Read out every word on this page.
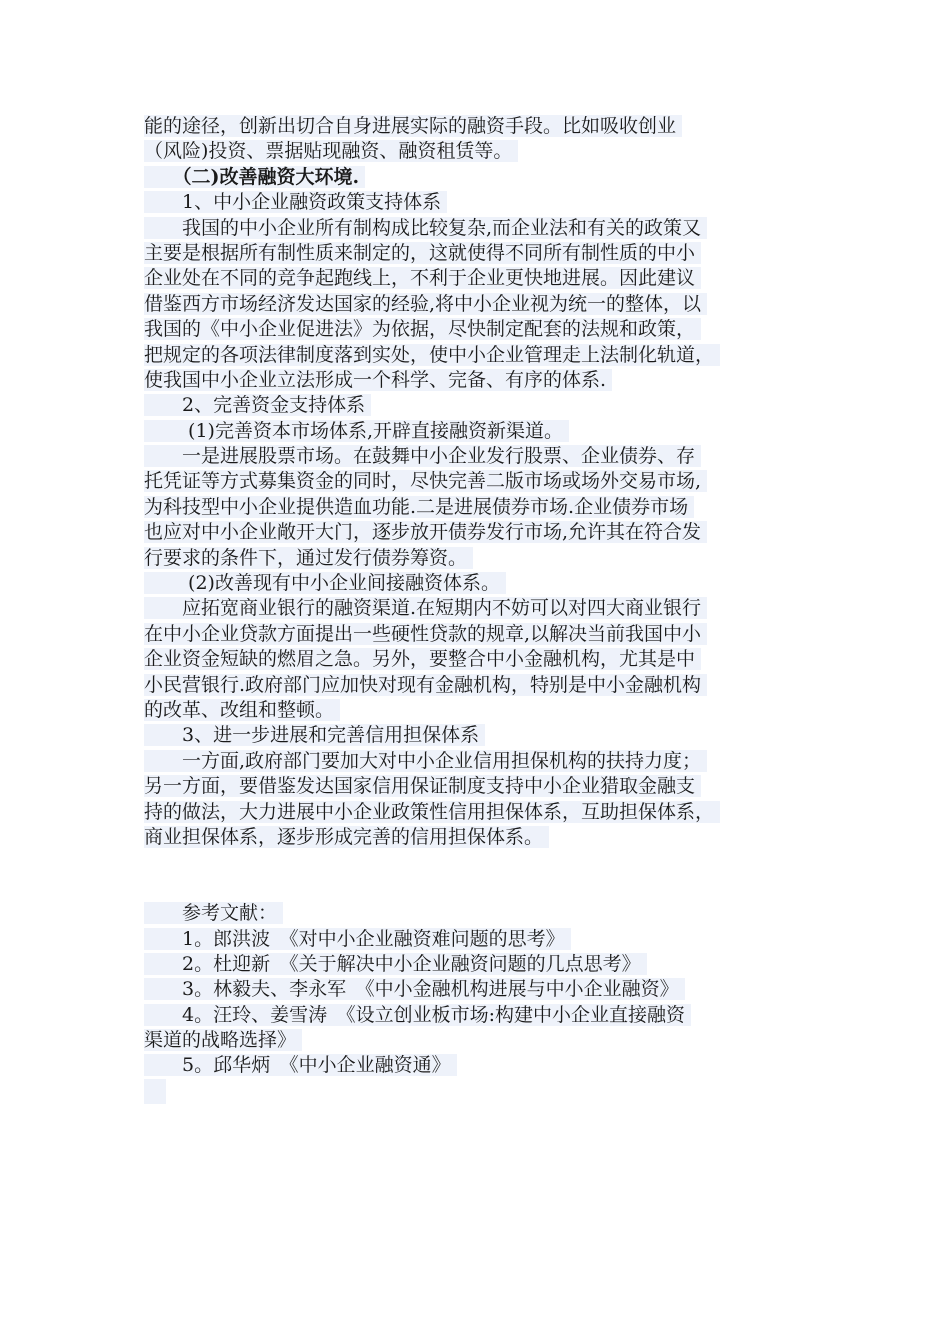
能的途径，创新出切合自身进展实际的融资手段。比如吸收创业
（风险)投资、票据贴现融资、融资租赁等。
　　（二)改善融资大环境.
　　1、中小企业融资政策支持体系
　　我国的中小企业所有制构成比较复杂,而企业法和有关的政策又
主要是根据所有制性质来制定的，这就使得不同所有制性质的中小
企业处在不同的竞争起跑线上，不利于企业更快地进展。因此建议
借鉴西方市场经济发达国家的经验,将中小企业视为统一的整体，以
我国的《中小企业促进法》为依据，尽快制定配套的法规和政策，
把规定的各项法律制度落到实处，使中小企业管理走上法制化轨道，
使我国中小企业立法形成一个科学、完备、有序的体系.
　　2、完善资金支持体系
　　 (1)完善资本市场体系,开辟直接融资新渠道。
　　一是进展股票市场。在鼓舞中小企业发行股票、企业债券、存
托凭证等方式募集资金的同时，尽快完善二版市场或场外交易市场,
为科技型中小企业提供造血功能.二是进展债券市场.企业债券市场
也应对中小企业敞开大门，逐步放开债券发行市场,允许其在符合发
行要求的条件下，通过发行债券筹资。
　　 (2)改善现有中小企业间接融资体系。
　　应拓宽商业银行的融资渠道.在短期内不妨可以对四大商业银行
在中小企业贷款方面提出一些硬性贷款的规章,以解决当前我国中小
企业资金短缺的燃眉之急。另外，要整合中小金融机构，尤其是中
小民营银行.政府部门应加快对现有金融机构，特别是中小金融机构
的改革、改组和整顿。
　　3、进一步进展和完善信用担保体系
　　一方面,政府部门要加大对中小企业信用担保机构的扶持力度；
另一方面，要借鉴发达国家信用保证制度支持中小企业猎取金融支
持的做法，大力进展中小企业政策性信用担保体系，互助担保体系，
商业担保体系，逐步形成完善的信用担保体系。
　　参考文献：
　　1。郎洪波　《对中小企业融资难问题的思考》
　　2。杜迎新　《关于解决中小企业融资问题的几点思考》
　　3。林毅夫、李永军　《中小金融机构进展与中小企业融资》
　　4。汪玲、姜雪涛　《设立创业板市场:构建中小企业直接融资
渠道的战略选择》
　　5。邱华炳　《中小企业融资通》
